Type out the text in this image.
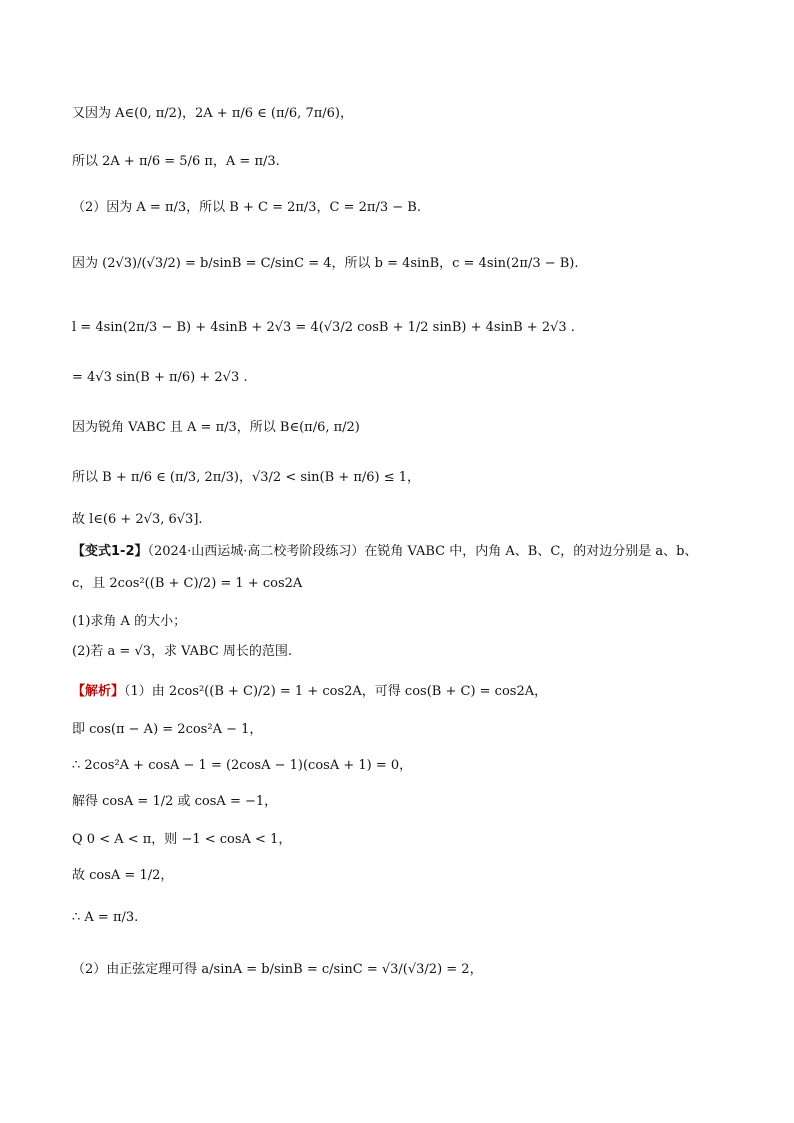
又因为 A∈(0, π/2)，2A + π/6 ∈ (π/6, 7π/6)，
所以 2A + π/6 = 5/6 π，A = π/3.
（2）因为 A = π/3，所以 B + C = 2π/3，C = 2π/3 − B.
因为 (2√3)/(√3/2) = b/sinB = C/sinC = 4，所以 b = 4sinB，c = 4sin(2π/3 − B).
l = 4sin(2π/3 − B) + 4sinB + 2√3 = 4(√3/2 cosB + 1/2 sinB) + 4sinB + 2√3 .
= 4√3 sin(B + π/6) + 2√3 .
因为锐角 VABC 且 A = π/3，所以 B∈(π/6, π/2)
所以 B + π/6 ∈ (π/3, 2π/3)，√3/2 < sin(B + π/6) ≤ 1，
故 l∈(6 + 2√3, 6√3].
【变式1-2】（2024·山西运城·高二校考阶段练习）在锐角 VABC 中，内角 A、B、C，的对边分别是 a、b、
c，且 2cos²((B + C)/2) = 1 + cos2A
(1)求角 A 的大小；
(2)若 a = √3，求 VABC 周长的范围.
【解析】（1）由 2cos²((B + C)/2) = 1 + cos2A，可得 cos(B + C) = cos2A，
即 cos(π − A) = 2cos²A − 1，
∴ 2cos²A + cosA − 1 = (2cosA − 1)(cosA + 1) = 0，
解得 cosA = 1/2 或 cosA = −1，
Q 0 < A < π，则 −1 < cosA < 1，
故 cosA = 1/2，
∴ A = π/3.
（2）由正弦定理可得 a/sinA = b/sinB = c/sinC = √3/(√3/2) = 2，
